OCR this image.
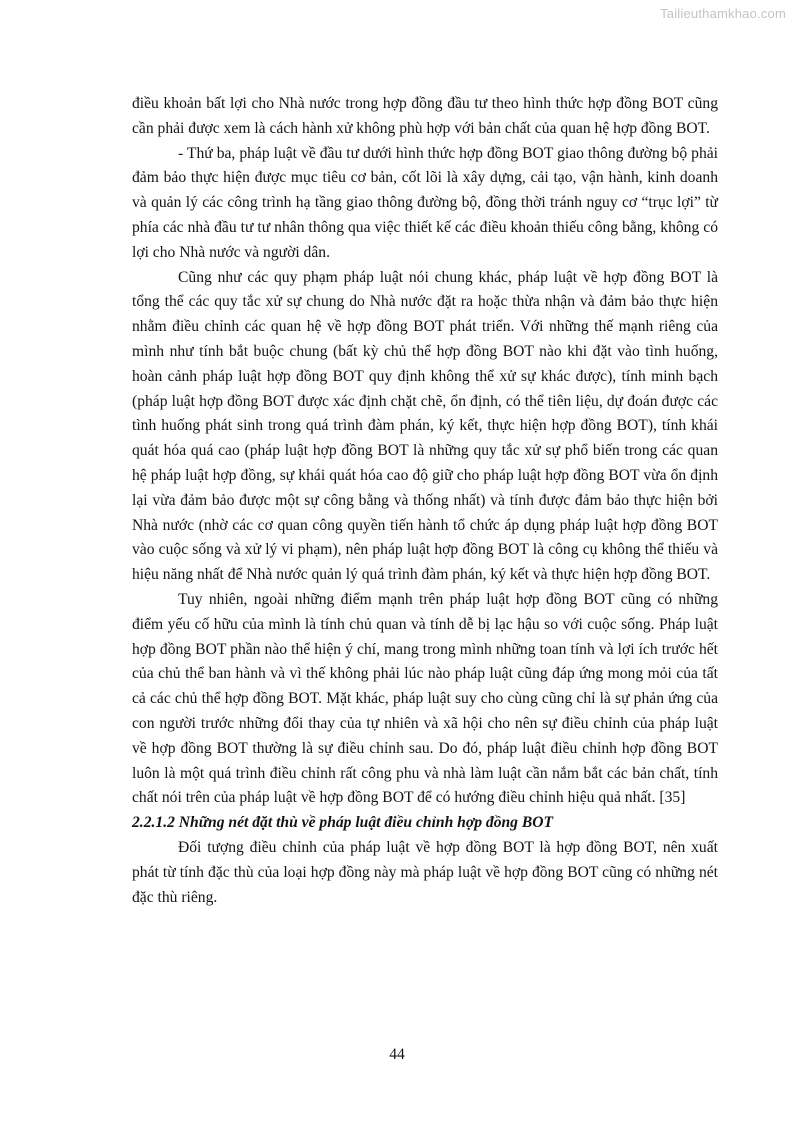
Tailieuthamkhao.com

điều khoản bất lợi cho Nhà nước trong hợp đồng đầu tư theo hình thức hợp đồng BOT cũng cần phải được xem là cách hành xử không phù hợp với bản chất của quan hệ hợp đồng BOT.

- Thứ ba, pháp luật về đầu tư dưới hình thức hợp đồng BOT giao thông đường bộ phải đảm bảo thực hiện được mục tiêu cơ bản, cốt lõi là xây dựng, cải tạo, vận hành, kinh doanh và quản lý các công trình hạ tầng giao thông đường bộ, đồng thời tránh nguy cơ “trục lợi” từ phía các nhà đầu tư tư nhân thông qua việc thiết kế các điều khoản thiếu công bằng, không có lợi cho Nhà nước và người dân.

Cũng như các quy phạm pháp luật nói chung khác, pháp luật về hợp đồng BOT là tổng thể các quy tắc xử sự chung do Nhà nước đặt ra hoặc thừa nhận và đảm bảo thực hiện nhằm điều chỉnh các quan hệ về hợp đồng BOT phát triển. Với những thế mạnh riêng của mình như tính bắt buộc chung (bất kỳ chủ thể hợp đồng BOT nào khi đặt vào tình huống, hoàn cảnh pháp luật hợp đồng BOT quy định không thể xử sự khác được), tính minh bạch (pháp luật hợp đồng BOT được xác định chặt chẽ, ổn định, có thể tiên liệu, dự đoán được các tình huống phát sinh trong quá trình đàm phán, ký kết, thực hiện hợp đồng BOT), tính khái quát hóa quá cao (pháp luật hợp đồng BOT là những quy tắc xử sự phổ biến trong các quan hệ pháp luật hợp đồng, sự khái quát hóa cao độ giữ cho pháp luật hợp đồng BOT vừa ổn định lại vừa đảm bảo được một sự công bằng và thống nhất) và tính được đảm bảo thực hiện bởi Nhà nước (nhờ các cơ quan công quyền tiến hành tổ chức áp dụng pháp luật hợp đồng BOT vào cuộc sống và xử lý vi phạm), nên pháp luật hợp đồng BOT là công cụ không thể thiếu và hiệu năng nhất để Nhà nước quản lý quá trình đàm phán, ký kết và thực hiện hợp đồng BOT.

Tuy nhiên, ngoài những điểm mạnh trên pháp luật hợp đồng BOT cũng có những điểm yếu cố hữu của mình là tính chủ quan và tính dễ bị lạc hậu so với cuộc sống. Pháp luật hợp đồng BOT phần nào thể hiện ý chí, mang trong mình những toan tính và lợi ích trước hết của chủ thể ban hành và vì thế không phải lúc nào pháp luật cũng đáp ứng mong mỏi của tất cả các chủ thể hợp đồng BOT. Mặt khác, pháp luật suy cho cùng cũng chỉ là sự phản ứng của con người trước những đổi thay của tự nhiên và xã hội cho nên sự điều chỉnh của pháp luật về hợp đồng BOT thường là sự điều chỉnh sau. Do đó, pháp luật điều chỉnh hợp đồng BOT luôn là một quá trình điều chỉnh rất công phu và nhà làm luật cần nắm bắt các bản chất, tính chất nói trên của pháp luật về hợp đồng BOT để có hướng điều chỉnh hiệu quả nhất. [35]

2.2.1.2 Những nét đặt thù về pháp luật điều chỉnh hợp đồng BOT

Đối tượng điều chỉnh của pháp luật về hợp đồng BOT là hợp đồng BOT, nên xuất phát từ tính đặc thù của loại hợp đồng này mà pháp luật về hợp đồng BOT cũng có những nét đặc thù riêng.

44
